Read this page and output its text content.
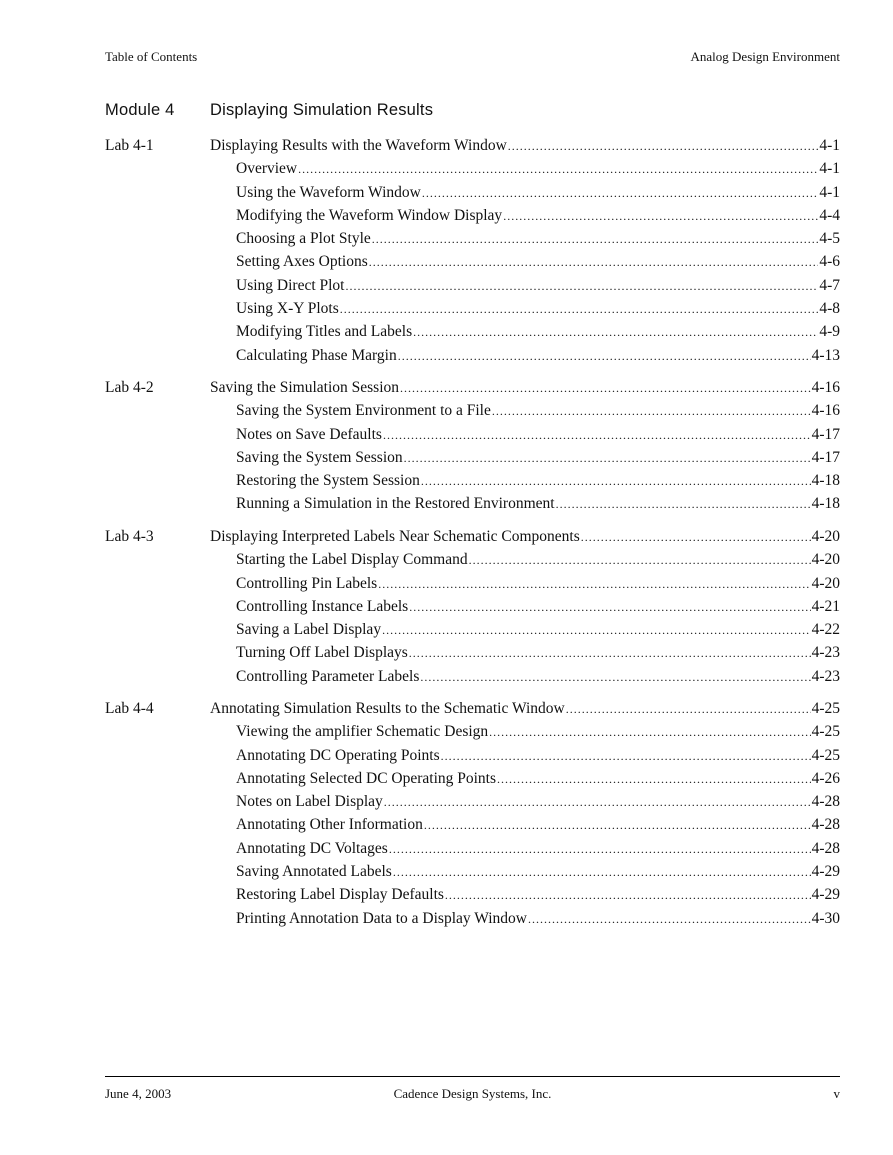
Table of Contents	Analog Design Environment
Module 4 Displaying Simulation Results
Lab 4-1	Displaying Results with the Waveform Window .....	4-1
Overview .....	4-1
Using the Waveform Window .....	4-1
Modifying the Waveform Window Display .....	4-4
Choosing a Plot Style .....	4-5
Setting Axes Options .....	4-6
Using Direct Plot .....	4-7
Using X-Y Plots .....	4-8
Modifying Titles and Labels .....	4-9
Calculating Phase Margin .....	4-13
Lab 4-2	Saving the Simulation Session .....	4-16
Saving the System Environment to a File .....	4-16
Notes on Save Defaults .....	4-17
Saving the System Session .....	4-17
Restoring the System Session .....	4-18
Running a Simulation in the Restored Environment .....	4-18
Lab 4-3	Displaying Interpreted Labels Near Schematic Components .....	4-20
Starting the Label Display Command .....	4-20
Controlling Pin Labels .....	4-20
Controlling Instance Labels .....	4-21
Saving a Label Display .....	4-22
Turning Off Label Displays .....	4-23
Controlling Parameter Labels .....	4-23
Lab 4-4	Annotating Simulation Results to the Schematic Window .....	4-25
Viewing the amplifier Schematic Design .....	4-25
Annotating DC Operating Points .....	4-25
Annotating Selected DC Operating Points .....	4-26
Notes on Label Display .....	4-28
Annotating Other Information .....	4-28
Annotating DC Voltages .....	4-28
Saving Annotated Labels .....	4-29
Restoring Label Display Defaults .....	4-29
Printing Annotation Data to a Display Window .....	4-30
June 4, 2003	Cadence Design Systems, Inc.	v
